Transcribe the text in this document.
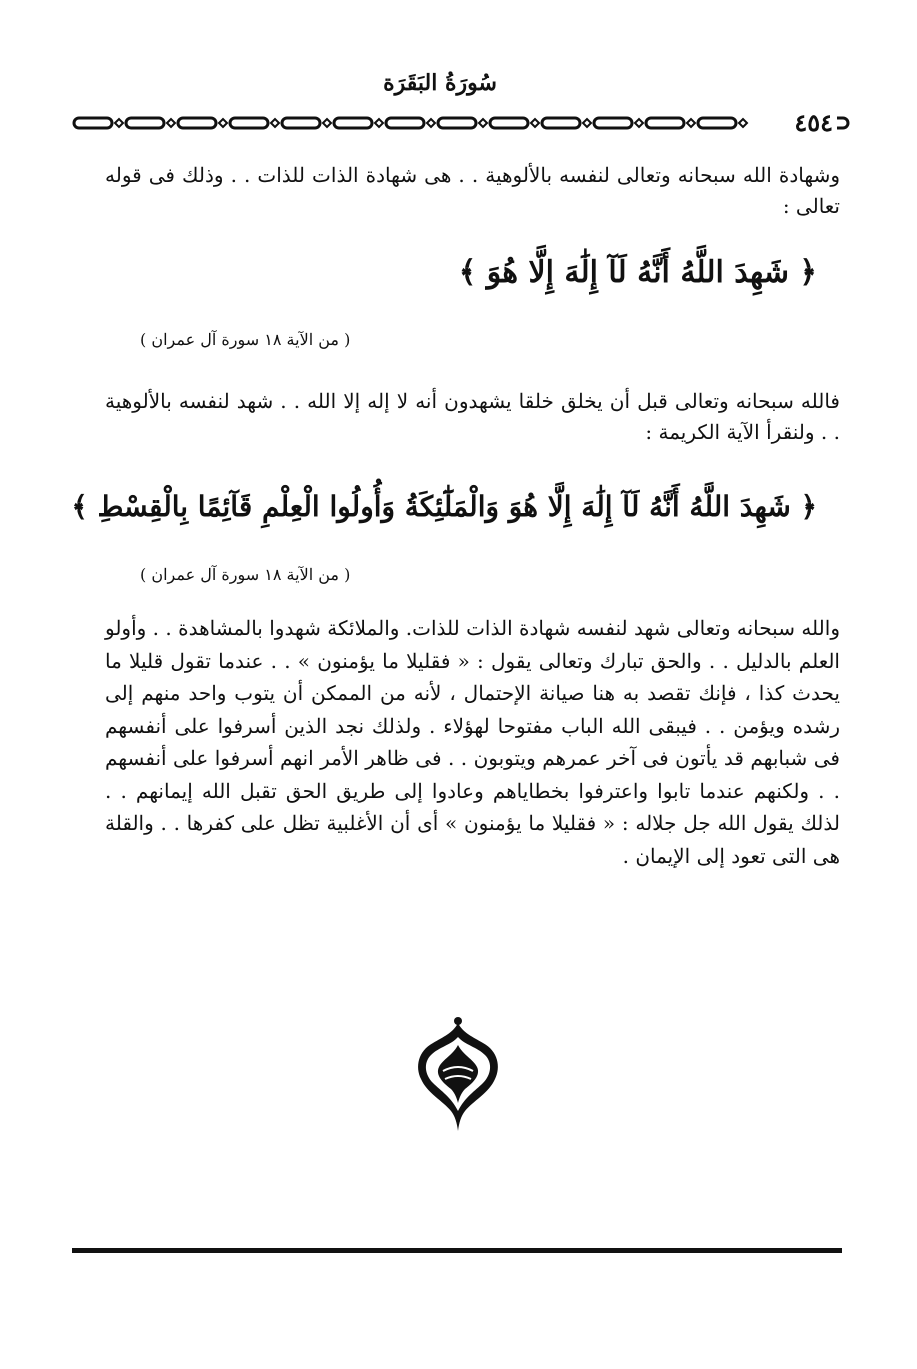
سُورَةُ البَقَرَة
٤٥٤
وشهادة الله سبحانه وتعالى لنفسه بالألوهية . . هى شهادة الذات للذات . . وذلك فى قوله تعالى :
﴿ شَهِدَ اللَّهُ أَنَّهُ لَآ إِلَٰهَ إِلَّا هُوَ ﴾
( من الآية ١٨ سورة آل عمران )
فالله سبحانه وتعالى قبل أن يخلق خلقا يشهدون أنه لا إله إلا الله . . شهد لنفسه بالألوهية . . ولنقرأ الآية الكريمة :
﴿ شَهِدَ اللَّهُ أَنَّهُ لَآ إِلَٰهَ إِلَّا هُوَ وَالْمَلَٰٓئِكَةُ وَأُولُوا الْعِلْمِ قَآئِمًا بِالْقِسْطِ ﴾
( من الآية ١٨ سورة آل عمران )
والله سبحانه وتعالى شهد لنفسه شهادة الذات للذات. والملائكة شهدوا بالمشاهدة . . وأولو العلم بالدليل . . والحق تبارك وتعالى يقول : « فقليلا ما يؤمنون » . . عندما تقول قليلا ما يحدث كذا ، فإنك تقصد به هنا صيانة الإحتمال ، لأنه من الممكن أن يتوب واحد منهم إلى رشده ويؤمن . . فيبقى الله الباب مفتوحا لهؤلاء . ولذلك نجد الذين أسرفوا على أنفسهم فى شبابهم قد يأتون فى آخر عمرهم ويتوبون . . فى ظاهر الأمر انهم أسرفوا على أنفسهم . . ولكنهم عندما تابوا واعترفوا بخطاياهم وعادوا إلى طريق الحق تقبل الله إيمانهم . . لذلك يقول الله جل جلاله : « فقليلا ما يؤمنون » أى أن الأغلبية تظل على كفرها . . والقلة هى التى تعود إلى الإيمان .
